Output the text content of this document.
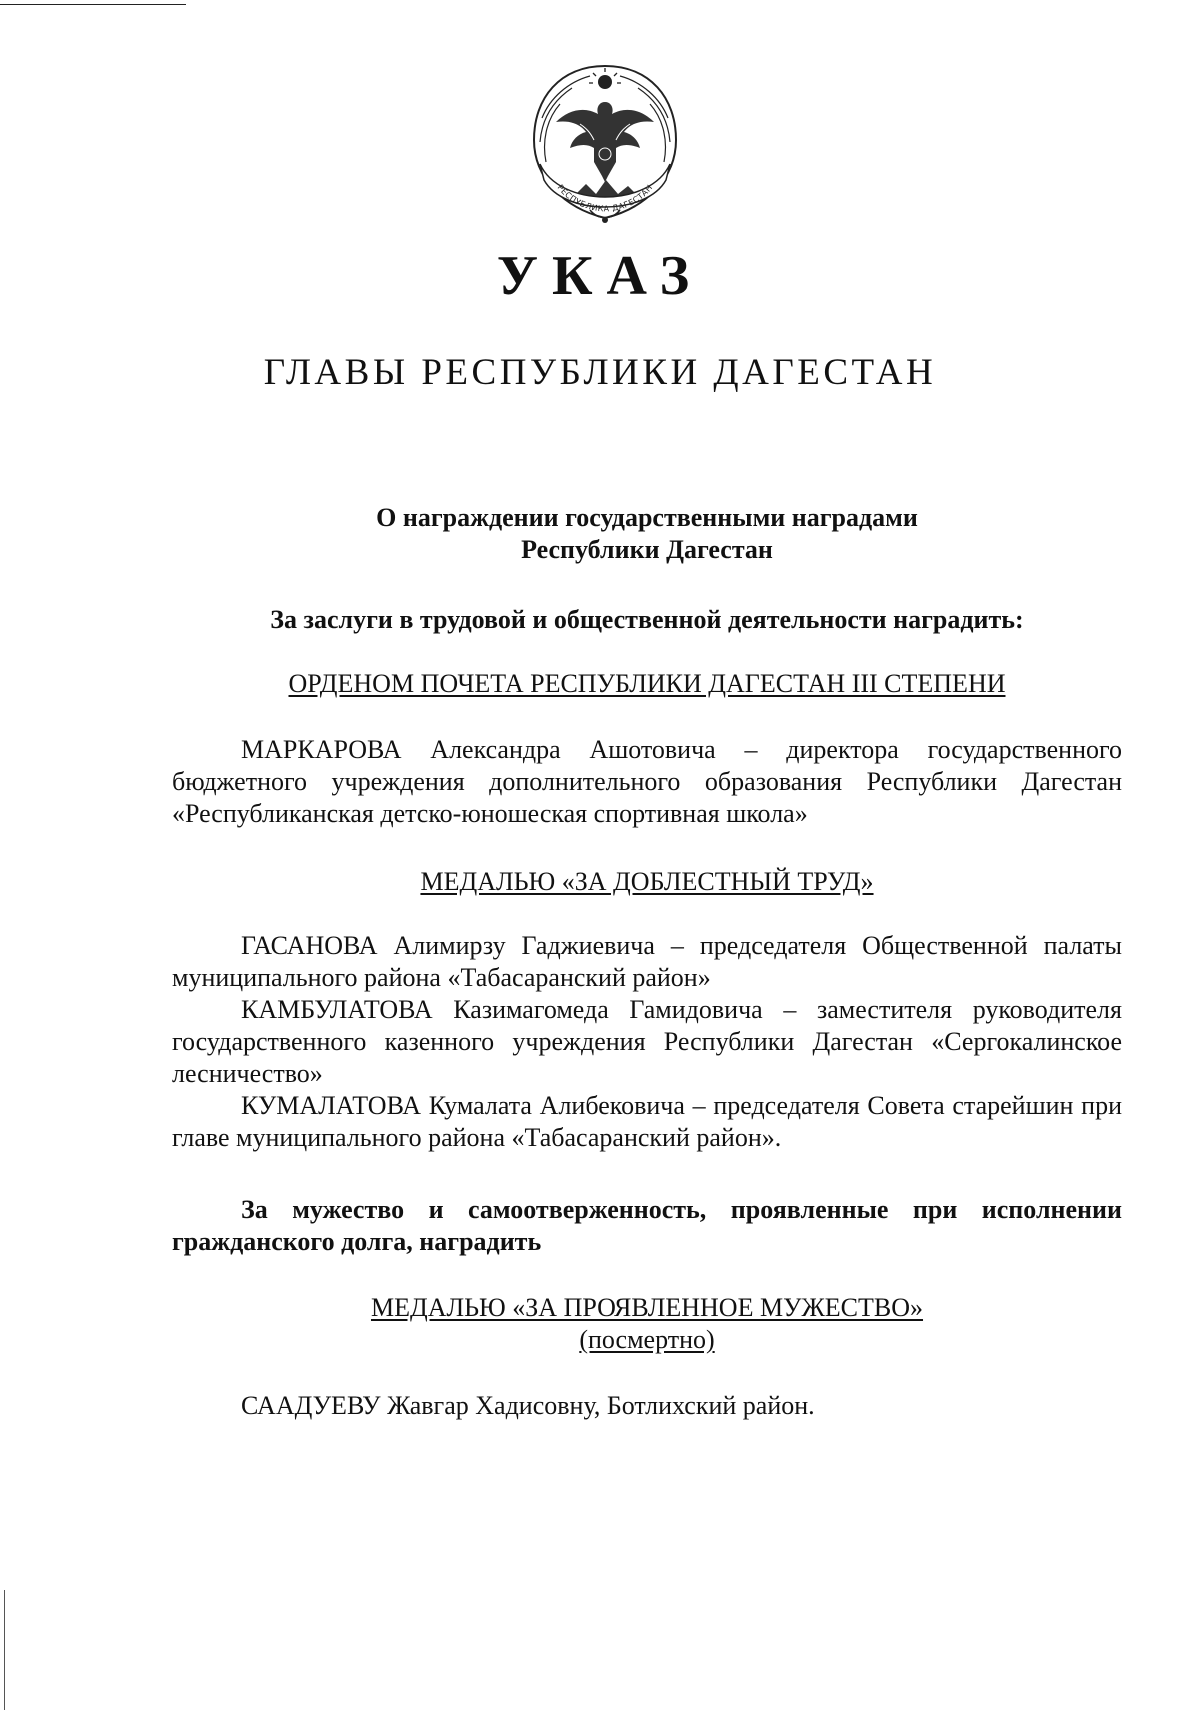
РЕСПУБЛИКА ДАГЕСТАН
УКАЗ
ГЛАВЫ РЕСПУБЛИКИ ДАГЕСТАН

О награждении государственными наградами

Республики Дагестан

За заслуги в трудовой и общественной деятельности наградить:
ОРДЕНОМ ПОЧЕТА РЕСПУБЛИКИ ДАГЕСТАН III СТЕПЕНИ
МАРКАРОВА Александра Ашотовича – директора государственного бюджетного учреждения дополнительного образования Республики Дагестан «Республиканская детско-юношеская спортивная школа»
МЕДАЛЬЮ «ЗА ДОБЛЕСТНЫЙ ТРУД»
ГАСАНОВА Алимирзу Гаджиевича – председателя Общественной палаты муниципального района «Табасаранский район»
КАМБУЛАТОВА Казимагомеда Гамидовича – заместителя руководителя государственного казенного учреждения Республики Дагестан «Сергокалинское лесничество»
КУМАЛАТОВА Кумалата Алибековича – председателя Совета старейшин при главе муниципального района «Табасаранский район».
За мужество и самоотверженность, проявленные при исполнении гражданского долга, наградить

МЕДАЛЬЮ «ЗА ПРОЯВЛЕННОЕ МУЖЕСТВО»

(посмертно)

СААДУЕВУ Жавгар Хадисовну, Ботлихский район.
